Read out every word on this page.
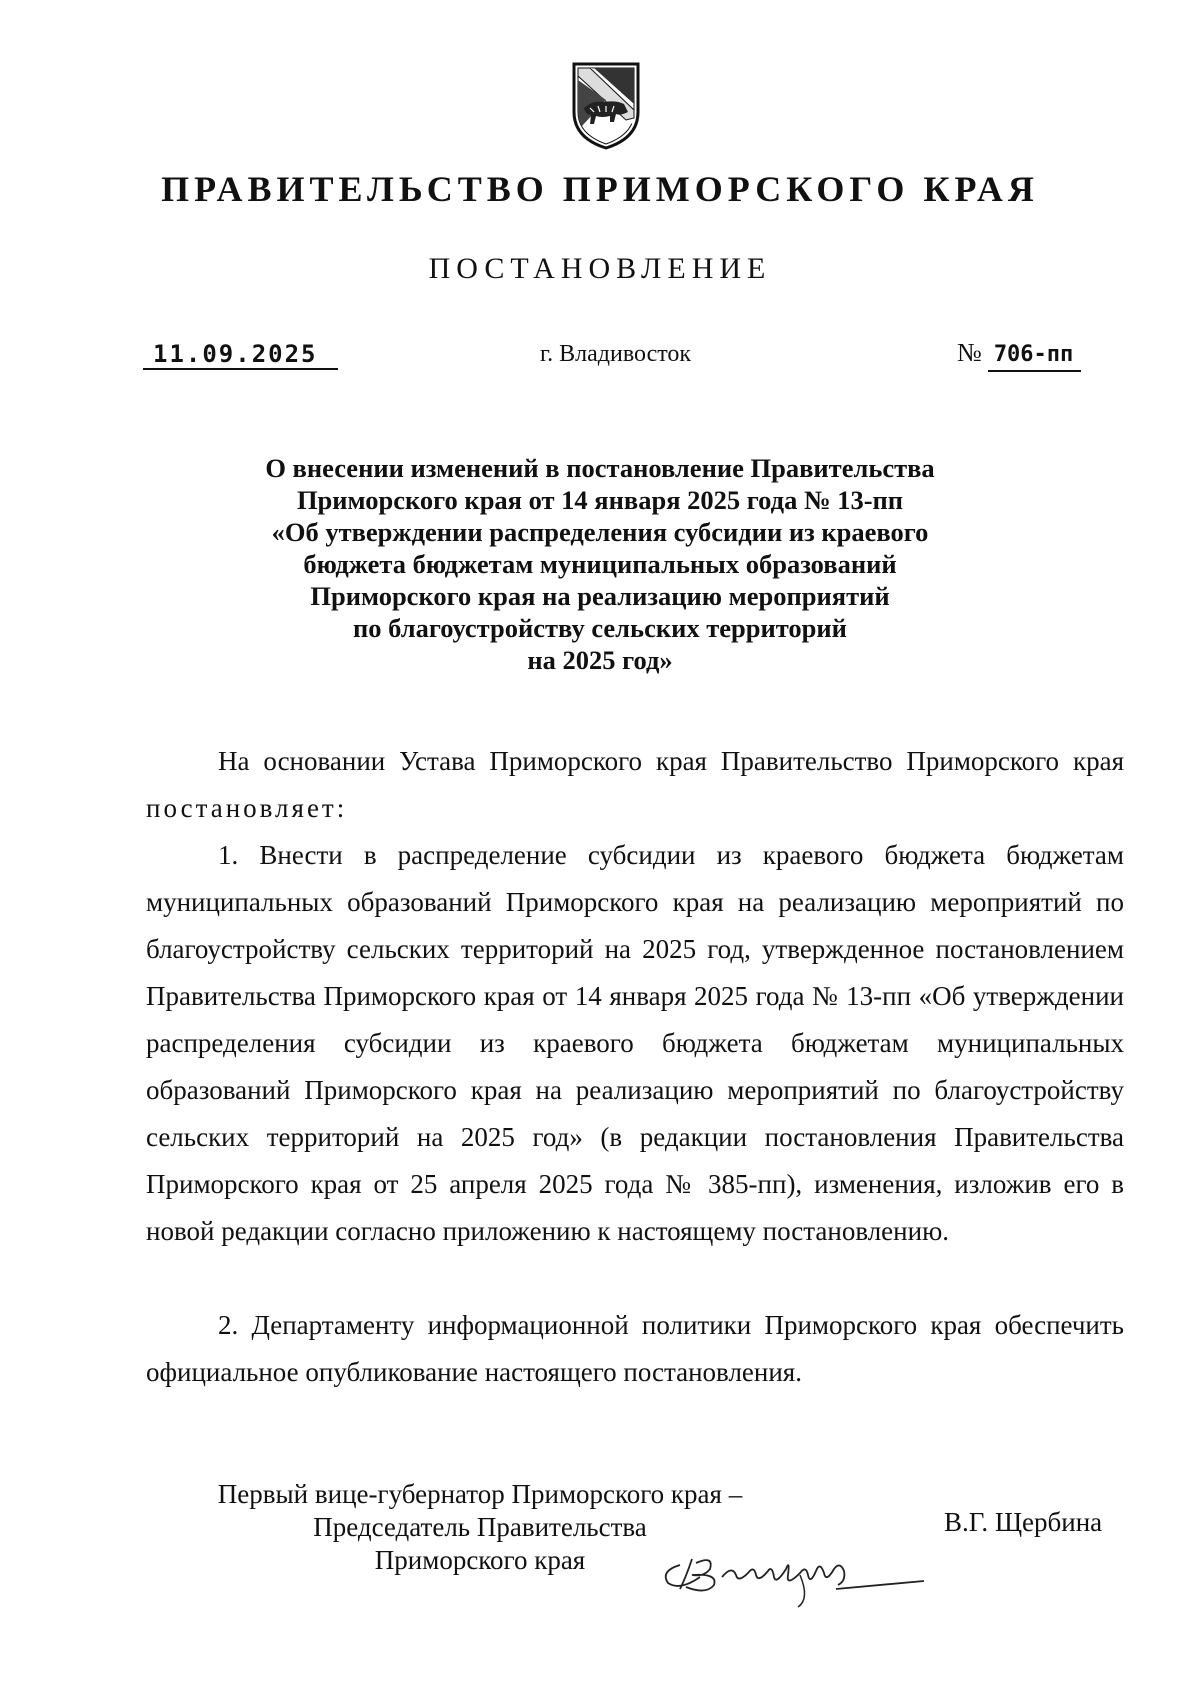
ПРАВИТЕЛЬСТВО ПРИМОРСКОГО КРАЯ
ПОСТАНОВЛЕНИЕ
11.09.2025	г. Владивосток	№ 706-пп
О внесении изменений в постановление Правительства
Приморского края от 14 января 2025 года № 13-пп
«Об утверждении распределения субсидии из краевого
бюджета бюджетам муниципальных образований
Приморского края на реализацию мероприятий
по благоустройству сельских территорий
на 2025 год»
На основании Устава Приморского края Правительство Приморского края постановляет:
1. Внести в распределение субсидии из краевого бюджета бюджетам муниципальных образований Приморского края на реализацию мероприятий по благоустройству сельских территорий на 2025 год, утвержденное постановлением Правительства Приморского края от 14 января 2025 года № 13-пп «Об утверждении распределения субсидии из краевого бюджета бюджетам муниципальных образований Приморского края на реализацию мероприятий по благоустройству сельских территорий на 2025 год» (в редакции постановления Правительства Приморского края от 25 апреля 2025 года № 385-пп), изменения, изложив его в новой редакции согласно приложению к настоящему постановлению.
2. Департаменту информационной политики Приморского края обеспечить официальное опубликование настоящего постановления.
Первый вице-губернатор Приморского края –
Председатель Правительства
Приморского края
В.Г. Щербина
